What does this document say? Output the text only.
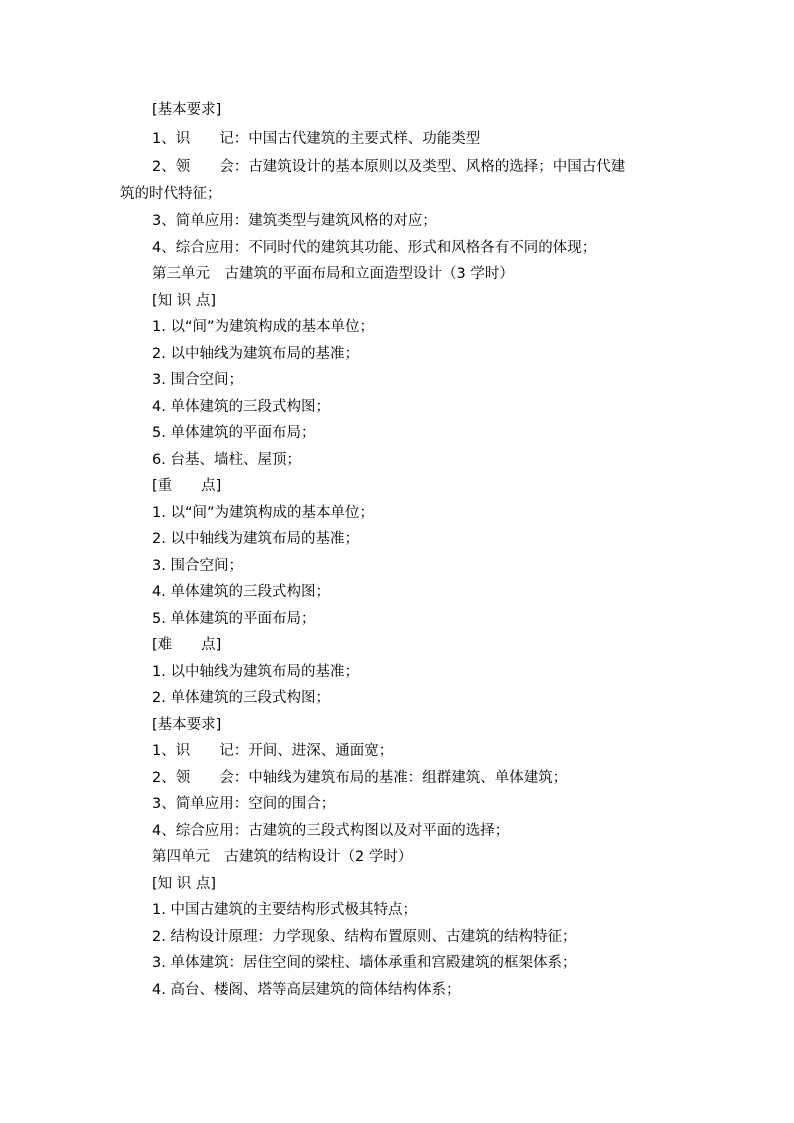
[基本要求]
1、识　　记：中国古代建筑的主要式样、功能类型
2、领　　会：古建筑设计的基本原则以及类型、风格的选择；中国古代建
筑的时代特征；
3、简单应用：建筑类型与建筑风格的对应；
4、综合应用：不同时代的建筑其功能、形式和风格各有不同的体现；
第三单元　古建筑的平面布局和立面造型设计（3 学时）
[知 识 点]
1. 以“间”为建筑构成的基本单位；
2. 以中轴线为建筑布局的基准；
3. 围合空间；
4. 单体建筑的三段式构图；
5. 单体建筑的平面布局；
6. 台基、墙柱、屋顶；
[重　　点]
1. 以“间”为建筑构成的基本单位；
2. 以中轴线为建筑布局的基准；
3. 围合空间；
4. 单体建筑的三段式构图；
5. 单体建筑的平面布局；
[难　　点]
1. 以中轴线为建筑布局的基准；
2. 单体建筑的三段式构图；
[基本要求]
1、识　　记：开间、进深、通面宽；
2、领　　会：中轴线为建筑布局的基准：组群建筑、单体建筑；
3、简单应用：空间的围合；
4、综合应用：古建筑的三段式构图以及对平面的选择；
第四单元　古建筑的结构设计（2 学时）
[知 识 点]
1. 中国古建筑的主要结构形式极其特点；
2. 结构设计原理：力学现象、结构布置原则、古建筑的结构特征；
3. 单体建筑：居住空间的梁柱、墙体承重和宫殿建筑的框架体系；
4. 高台、楼阁、塔等高层建筑的筒体结构体系；
